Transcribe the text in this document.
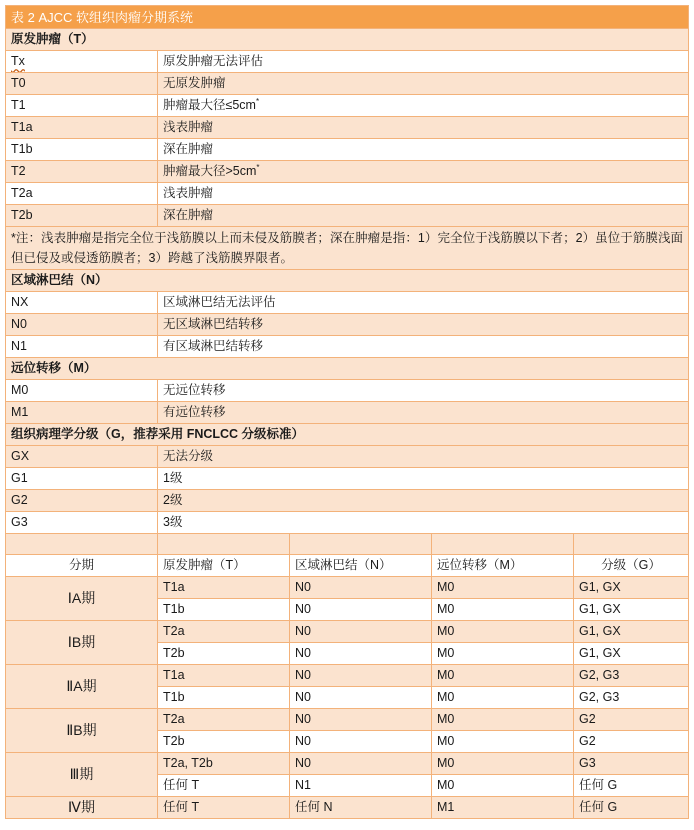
表 2 AJCC 软组织肉瘤分期系统				
原发肿瘤（T）				
Tx	原发肿瘤无法评估			
T0	无原发肿瘤			
T1	肿瘤最大径≤5cm*
T1a	浅表肿瘤			
T1b	深在肿瘤			
T2	肿瘤最大径>5cm*
T2a	浅表肿瘤			
T2b	深在肿瘤			
*注：浅表肿瘤是指完全位于浅筋膜以上而未侵及筋膜者；深在肿瘤是指：1）完全位于浅筋膜以下者；2）虽位于筋膜浅面但已侵及或侵透筋膜者；3）跨越了浅筋膜界限者。				
区域淋巴结（N）				
NX	区域淋巴结无法评估			
N0	无区域淋巴结转移			
N1	有区域淋巴结转移			
远位转移（M）				
M0	无远位转移			
M1	有远位转移			
组织病理学分级（G，推荐采用 FNCLCC 分级标准）				
GX	无法分级			
G1	1级			
G2	2级			
G3	3级			

分期	原发肿瘤（T）	区域淋巴结（N）	远位转移（M）	分级（G）
ⅠA期	T1a	N0	M0	G1, GX
	T1b	N0	M0	G1, GX
ⅠB期	T2a	N0	M0	G1, GX
	T2b	N0	M0	G1, GX
ⅡA期	T1a	N0	M0	G2, G3
	T1b	N0	M0	G2, G3
ⅡB期	T2a	N0	M0	G2
	T2b	N0	M0	G2
Ⅲ期	T2a, T2b	N0	M0	G3
	任何 T	N1	M0	任何 G
Ⅳ期	任何 T	任何 N	M1	任何 G
